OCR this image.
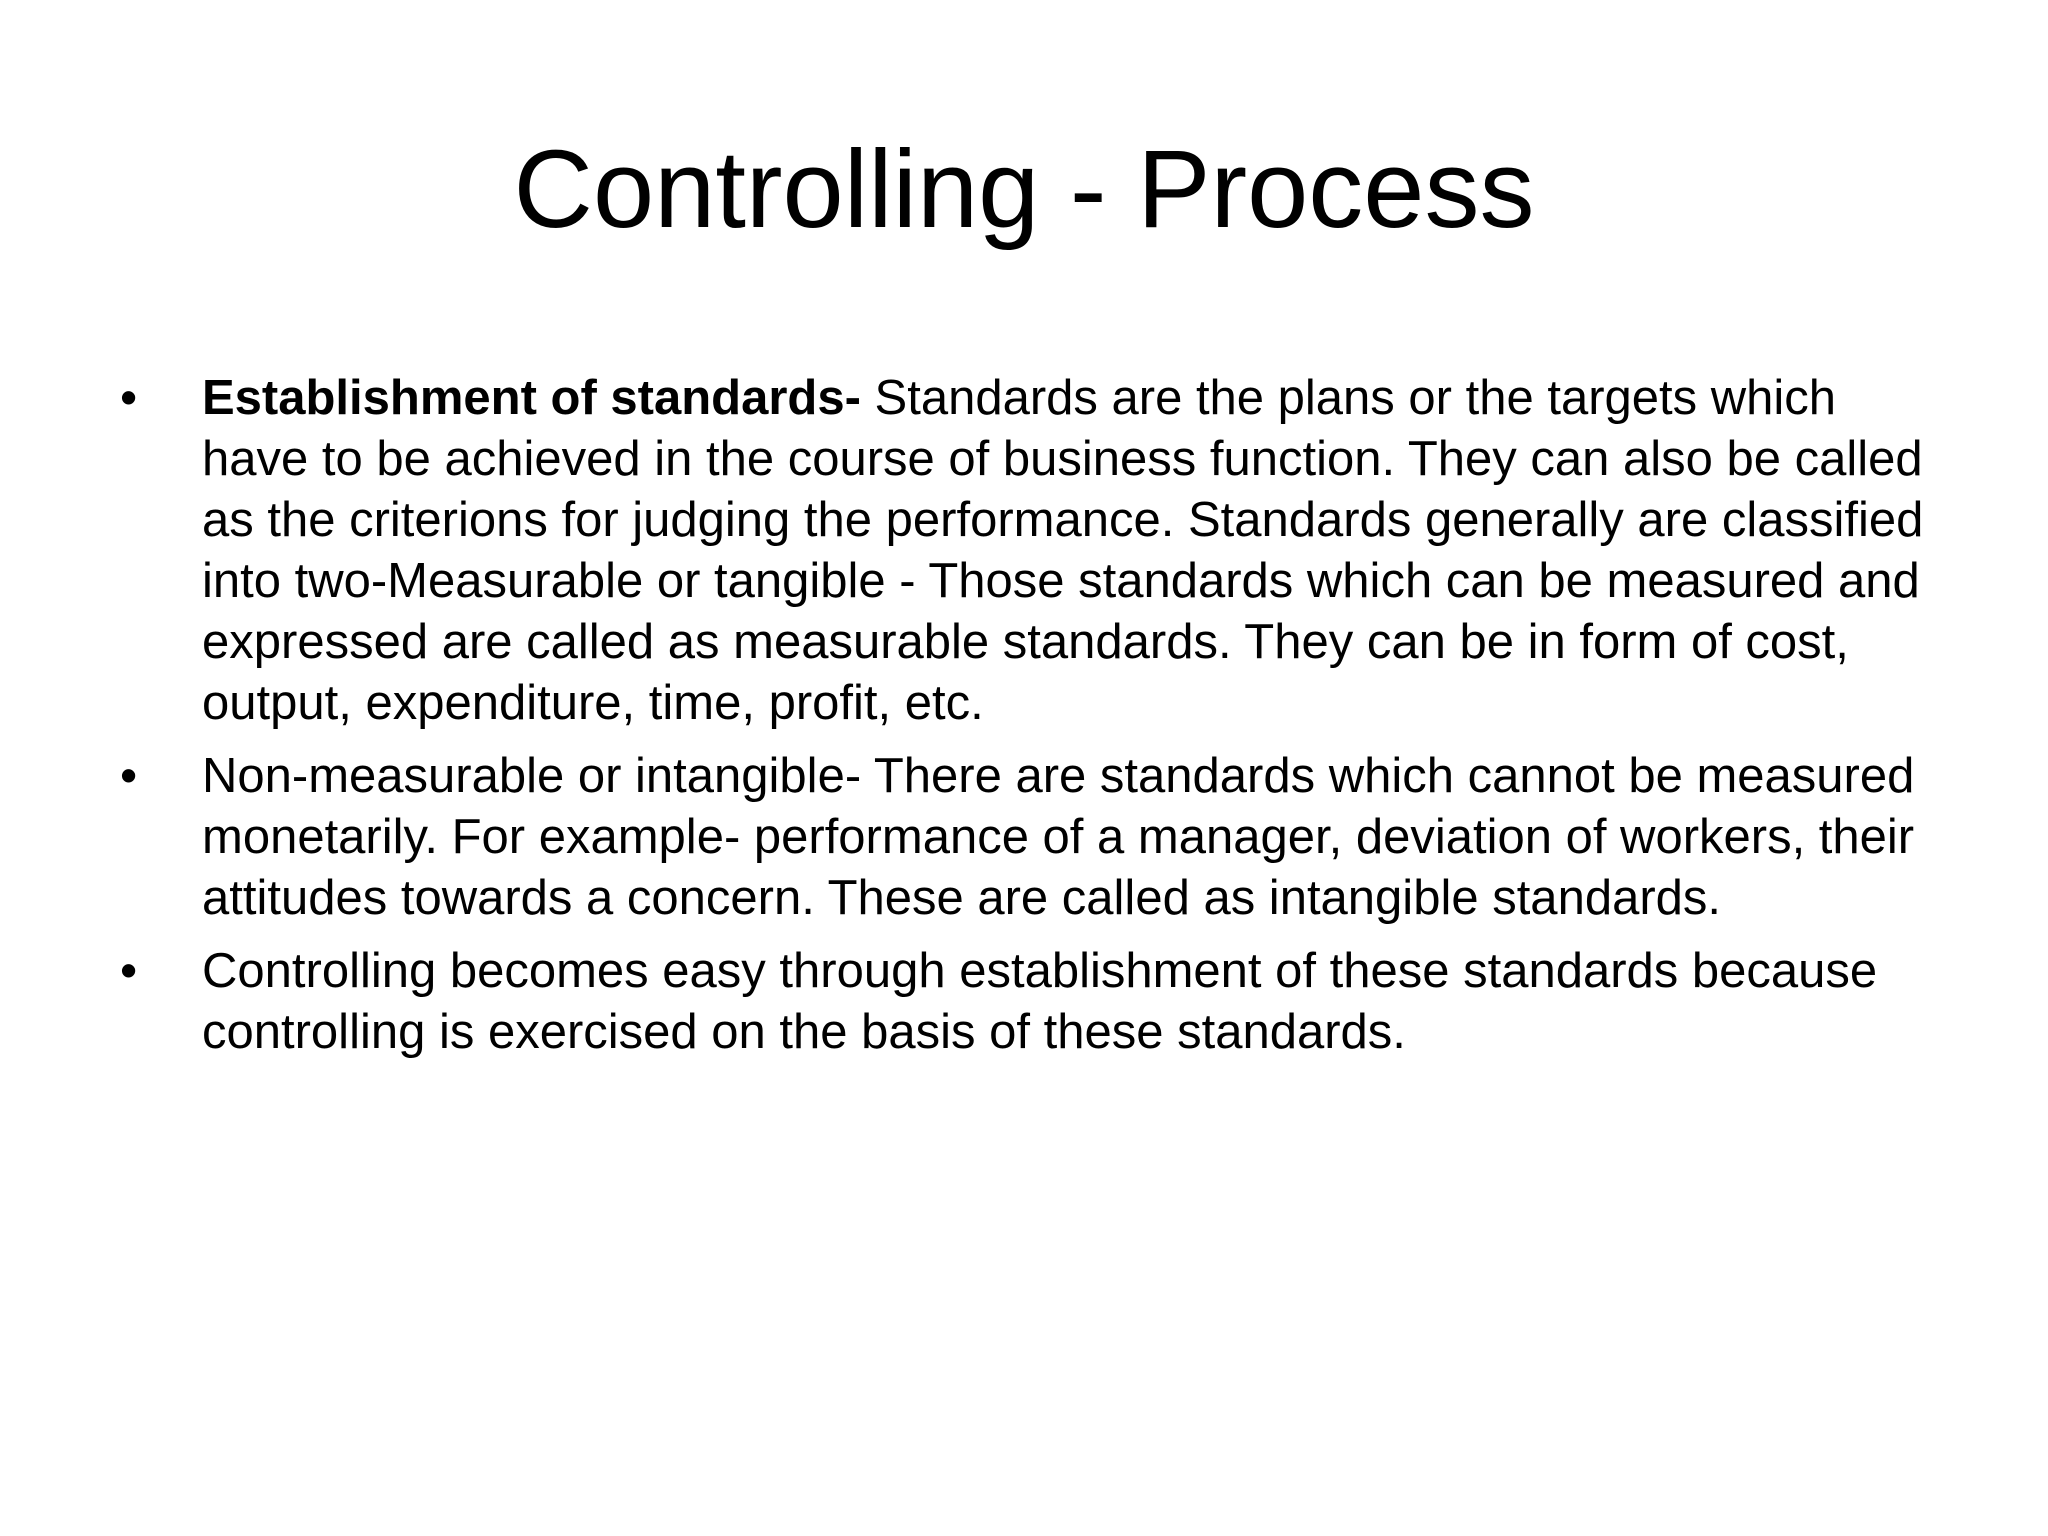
Controlling - Process
•	Establishment of standards- Standards are the plans or the targets which have to be achieved in the course of business function. They can also be called as the criterions for judging the performance. Standards generally are classified into two-Measurable or tangible - Those standards which can be measured and expressed are called as measurable standards. They can be in form of cost, output, expenditure, time, profit, etc.
•	Non-measurable or intangible- There are standards which cannot be measured monetarily. For example- performance of a manager, deviation of workers, their attitudes towards a concern. These are called as intangible standards.
•	Controlling becomes easy through establishment of these standards because controlling is exercised on the basis of these standards.
